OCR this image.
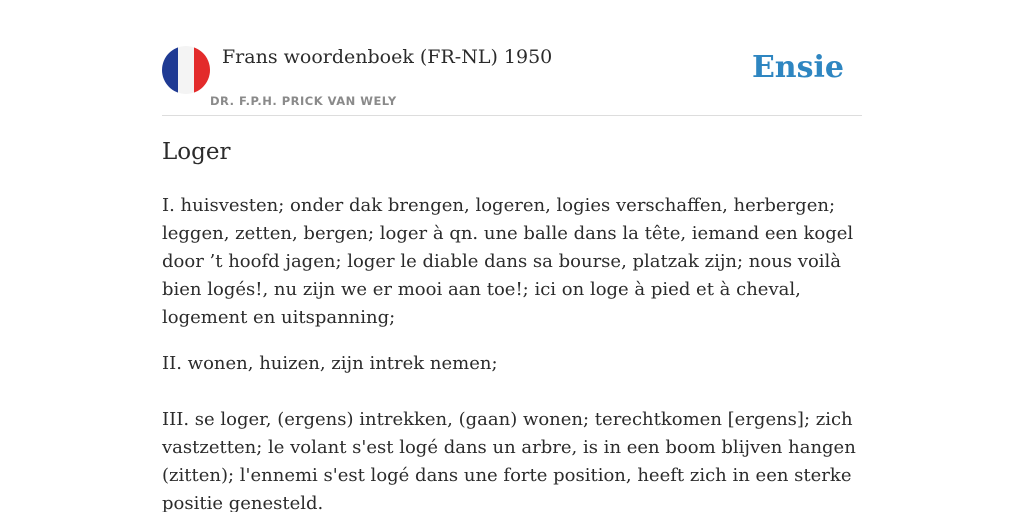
Frans woordenboek (FR-NL) 1950
DR. F.P.H. PRICK VAN WELY
Ensie
Loger

I. huisvesten; onder dak brengen, logeren, logies verschaffen, herbergen; leggen, zetten, bergen; loger à qn. une balle dans la tête, iemand een kogel door ’t hoofd jagen; loger le diable dans sa bourse, platzak zijn; nous voilà bien logés!, nu zijn we er mooi aan toe!; ici on loge à pied et à cheval, logement en uitspanning;

II. wonen, huizen, zijn intrek nemen;

III. se loger, (ergens) intrekken, (gaan) wonen; terechtkomen [ergens]; zich vastzetten; le volant s'est logé dans un arbre, is in een boom blijven hangen (zitten); l'ennemi s'est logé dans une forte position, heeft zich in een sterke positie genesteld.
